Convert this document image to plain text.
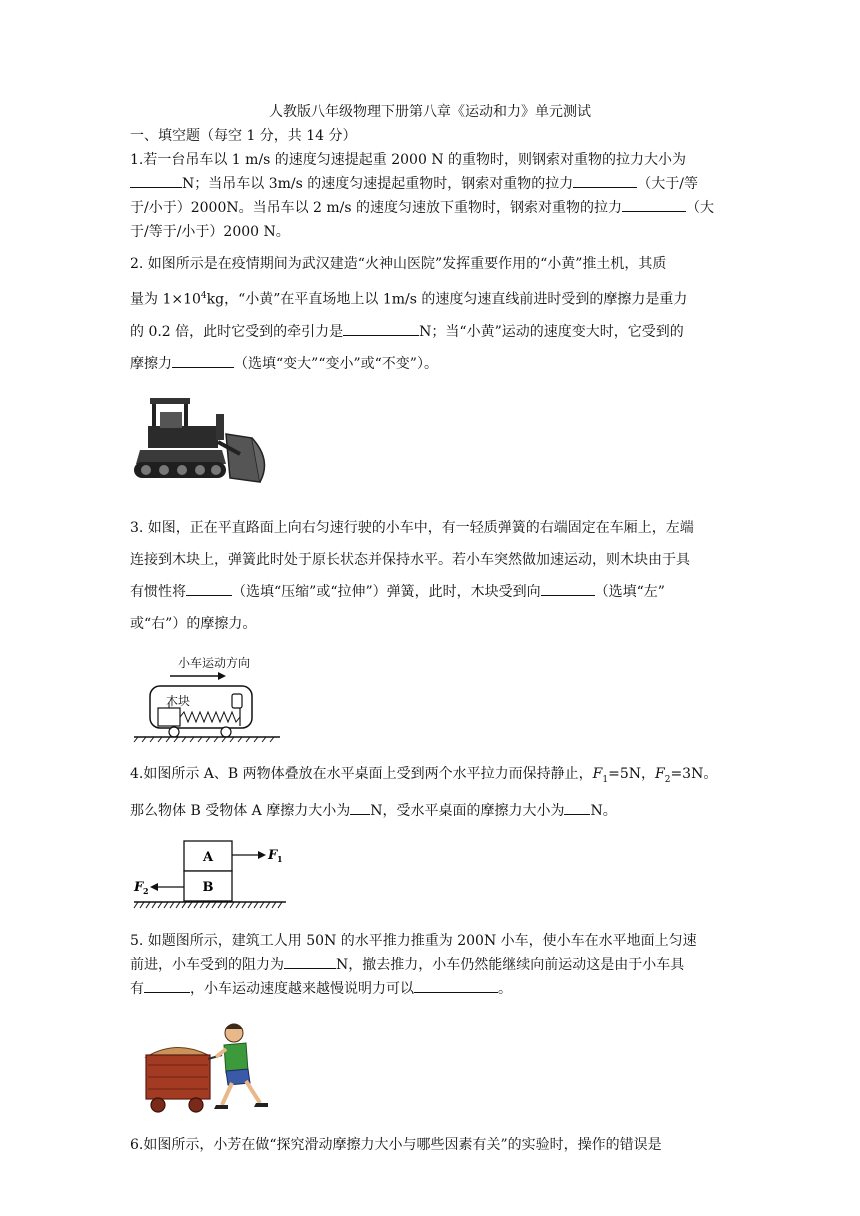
人教版八年级物理下册第八章《运动和力》单元测试

一、填空题（每空 1 分，共 14 分）

1.若一台吊车以 1 m/s 的速度匀速提起重 2000 N 的重物时，则钢索对重物的拉力大小为

N；当吊车以 3m/s 的速度匀速提起重物时，钢索对重物的拉力	（大于/等

于/小于）2000N。当吊车以 2 m/s 的速度匀速放下重物时，钢索对重物的拉力	（大

于/等于/小于）2000 N。

2. 如图所示是在疫情期间为武汉建造“火神山医院”发挥重要作用的“小黄”推土机，其质

量为 $1\times 10^4kg$，“小黄”在平直场地上以 1m/s 的速度匀速直线前进时受到的摩擦力是重力

的 0.2 倍，此时它受到的牵引力是	N；当“小黄”运动的速度变大时，它受到的

摩擦力	（选填“变大”“变小”或“不变”）。

3. 如图，正在平直路面上向右匀速行驶的小车中，有一轻质弹簧的右端固定在车厢上，左端

连接到木块上，弹簧此时处于原长状态并保持水平。若小车突然做加速运动，则木块由于具

有惯性将	（选填“压缩”或“拉伸”）弹簧，此时，木块受到向	（选填“左”

或“右”）的摩擦力。

小车运动方向
木块

4.如图所示 A、B 两物体叠放在水平桌面上受到两个水平拉力而保持静止，$F_1=5N$，$F_2=3N$。

那么物体 B 受物体 A 摩擦力大小为 N，受水平桌面的摩擦力大小为 N。

A
B
F 1
F 2

5. 如题图所示，建筑工人用 50N 的水平推力推重为 200N 小车，使小车在水平地面上匀速

前进，小车受到的阻力为	N，撤去推力，小车仍然能继续向前运动这是由于小车具

有	，小车运动速度越来越慢说明力可以	。

6.如图所示，小芳在做“探究滑动摩擦力大小与哪些因素有关”的实验时，操作的错误是
